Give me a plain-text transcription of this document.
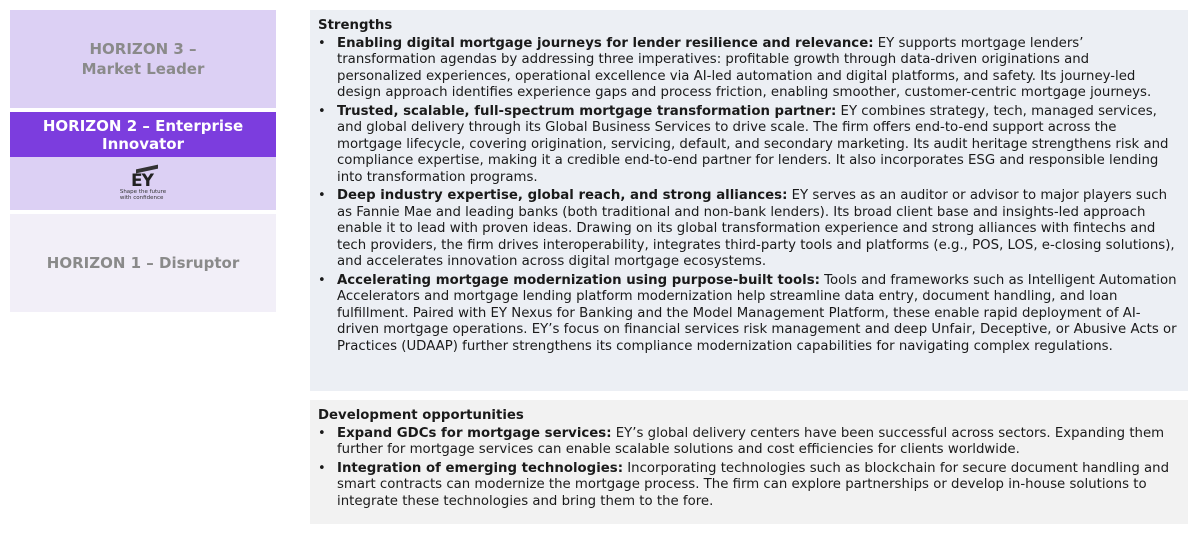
HORIZON 3 –
Market Leader
HORIZON 2 – Enterprise
Innovator
EY
Shape the future
with confidence
HORIZON 1 – Disruptor
Strengths
• Enabling digital mortgage journeys for lender resilience and relevance: EY supports mortgage lenders’ transformation agendas by addressing three imperatives: profitable growth through data-driven originations and personalized experiences, operational excellence via AI-led automation and digital platforms, and safety. Its journey-led design approach identifies experience gaps and process friction, enabling smoother, customer-centric mortgage journeys.
• Trusted, scalable, full-spectrum mortgage transformation partner: EY combines strategy, tech, managed services, and global delivery through its Global Business Services to drive scale. The firm offers end-to-end support across the mortgage lifecycle, covering origination, servicing, default, and secondary marketing. Its audit heritage strengthens risk and compliance expertise, making it a credible end-to-end partner for lenders. It also incorporates ESG and responsible lending into transformation programs.
• Deep industry expertise, global reach, and strong alliances: EY serves as an auditor or advisor to major players such as Fannie Mae and leading banks (both traditional and non-bank lenders). Its broad client base and insights-led approach enable it to lead with proven ideas. Drawing on its global transformation experience and strong alliances with fintechs and tech providers, the firm drives interoperability, integrates third-party tools and platforms (e.g., POS, LOS, e-closing solutions), and accelerates innovation across digital mortgage ecosystems.
• Accelerating mortgage modernization using purpose-built tools: Tools and frameworks such as Intelligent Automation Accelerators and mortgage lending platform modernization help streamline data entry, document handling, and loan fulfillment. Paired with EY Nexus for Banking and the Model Management Platform, these enable rapid deployment of AI-driven mortgage operations. EY’s focus on financial services risk management and deep Unfair, Deceptive, or Abusive Acts or Practices (UDAAP) further strengthens its compliance modernization capabilities for navigating complex regulations.
Development opportunities
• Expand GDCs for mortgage services: EY’s global delivery centers have been successful across sectors. Expanding them further for mortgage services can enable scalable solutions and cost efficiencies for clients worldwide.
• Integration of emerging technologies: Incorporating technologies such as blockchain for secure document handling and smart contracts can modernize the mortgage process. The firm can explore partnerships or develop in-house solutions to integrate these technologies and bring them to the fore.
